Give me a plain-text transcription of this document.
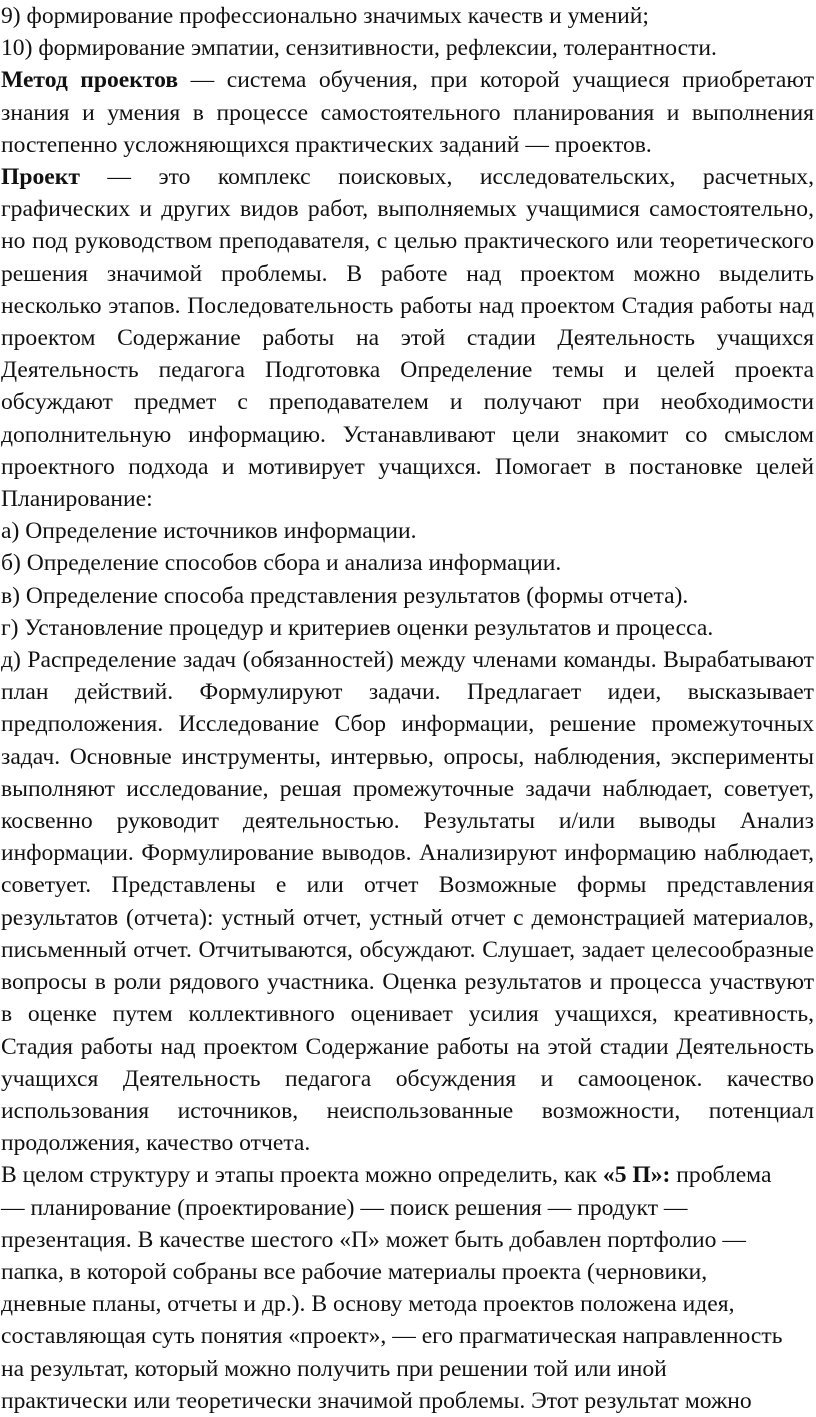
9) формирование профессионально значимых качеств и умений;

10) формирование эмпатии, сензитивности, рефлексии, толерантности.

Метод проектов — система обучения, при которой учащиеся приобретают знания и умения в процессе самостоятельного планирования и выполнения постепенно усложняющихся практических заданий — проектов.

Проект — это комплекс поисковых, исследовательских, расчетных, графических и других видов работ, выполняемых учащимися самостоятельно, но под руководством преподавателя, с целью практического или теоретического решения значимой проблемы. В работе над проектом можно выделить несколько этапов. Последовательность работы над проектом Стадия работы над проектом Содержание работы на этой стадии Деятельность учащихся Деятельность педагога Подготовка Определение темы и целей проекта обсуждают предмет с преподавателем и получают при необходимости дополнительную информацию. Устанавливают цели знакомит со смыслом проектного подхода и мотивирует учащихся. Помогает в постановке целей Планирование:

а) Определение источников информации.

б) Определение способов сбора и анализа информации.

в) Определение способа представления результатов (формы отчета).

г) Установление процедур и критериев оценки результатов и процесса.

д) Распределение задач (обязанностей) между членами команды. Вырабатывают план действий. Формулируют задачи. Предлагает идеи, высказывает предположения. Исследование Сбор информации, решение промежуточных задач. Основные инструменты, интервью, опросы, наблюдения, эксперименты выполняют исследование, решая промежуточные задачи наблюдает, советует, косвенно руководит деятельностью. Результаты и/или выводы Анализ информации. Формулирование выводов. Анализируют информацию наблюдает, советует. Представлены е или отчет Возможные формы представления результатов (отчета): устный отчет, устный отчет с демонстрацией материалов, письменный отчет. Отчитываются, обсуждают. Слушает, задает целесообразные вопросы в роли рядового участника. Оценка результатов и процесса участвуют в оценке путем коллективного оценивает усилия учащихся, креативность, Стадия работы над проектом Содержание работы на этой стадии Деятельность учащихся Деятельность педагога обсуждения и самооценок. качество использования источников, неиспользованные возможности, потенциал продолжения, качество отчета.

В целом структуру и этапы проекта можно определить, как «5 П»: проблема

— планирование (проектирование) — поиск решения — продукт —

презентация. В качестве шестого «П» может быть добавлен портфолио —

папка, в которой собраны все рабочие материалы проекта (черновики,

дневные планы, отчеты и др.). В основу метода проектов положена идея,

составляющая суть понятия «проект», — его прагматическая направленность

на результат, который можно получить при решении той или иной

практически или теоретически значимой проблемы. Этот результат можно
